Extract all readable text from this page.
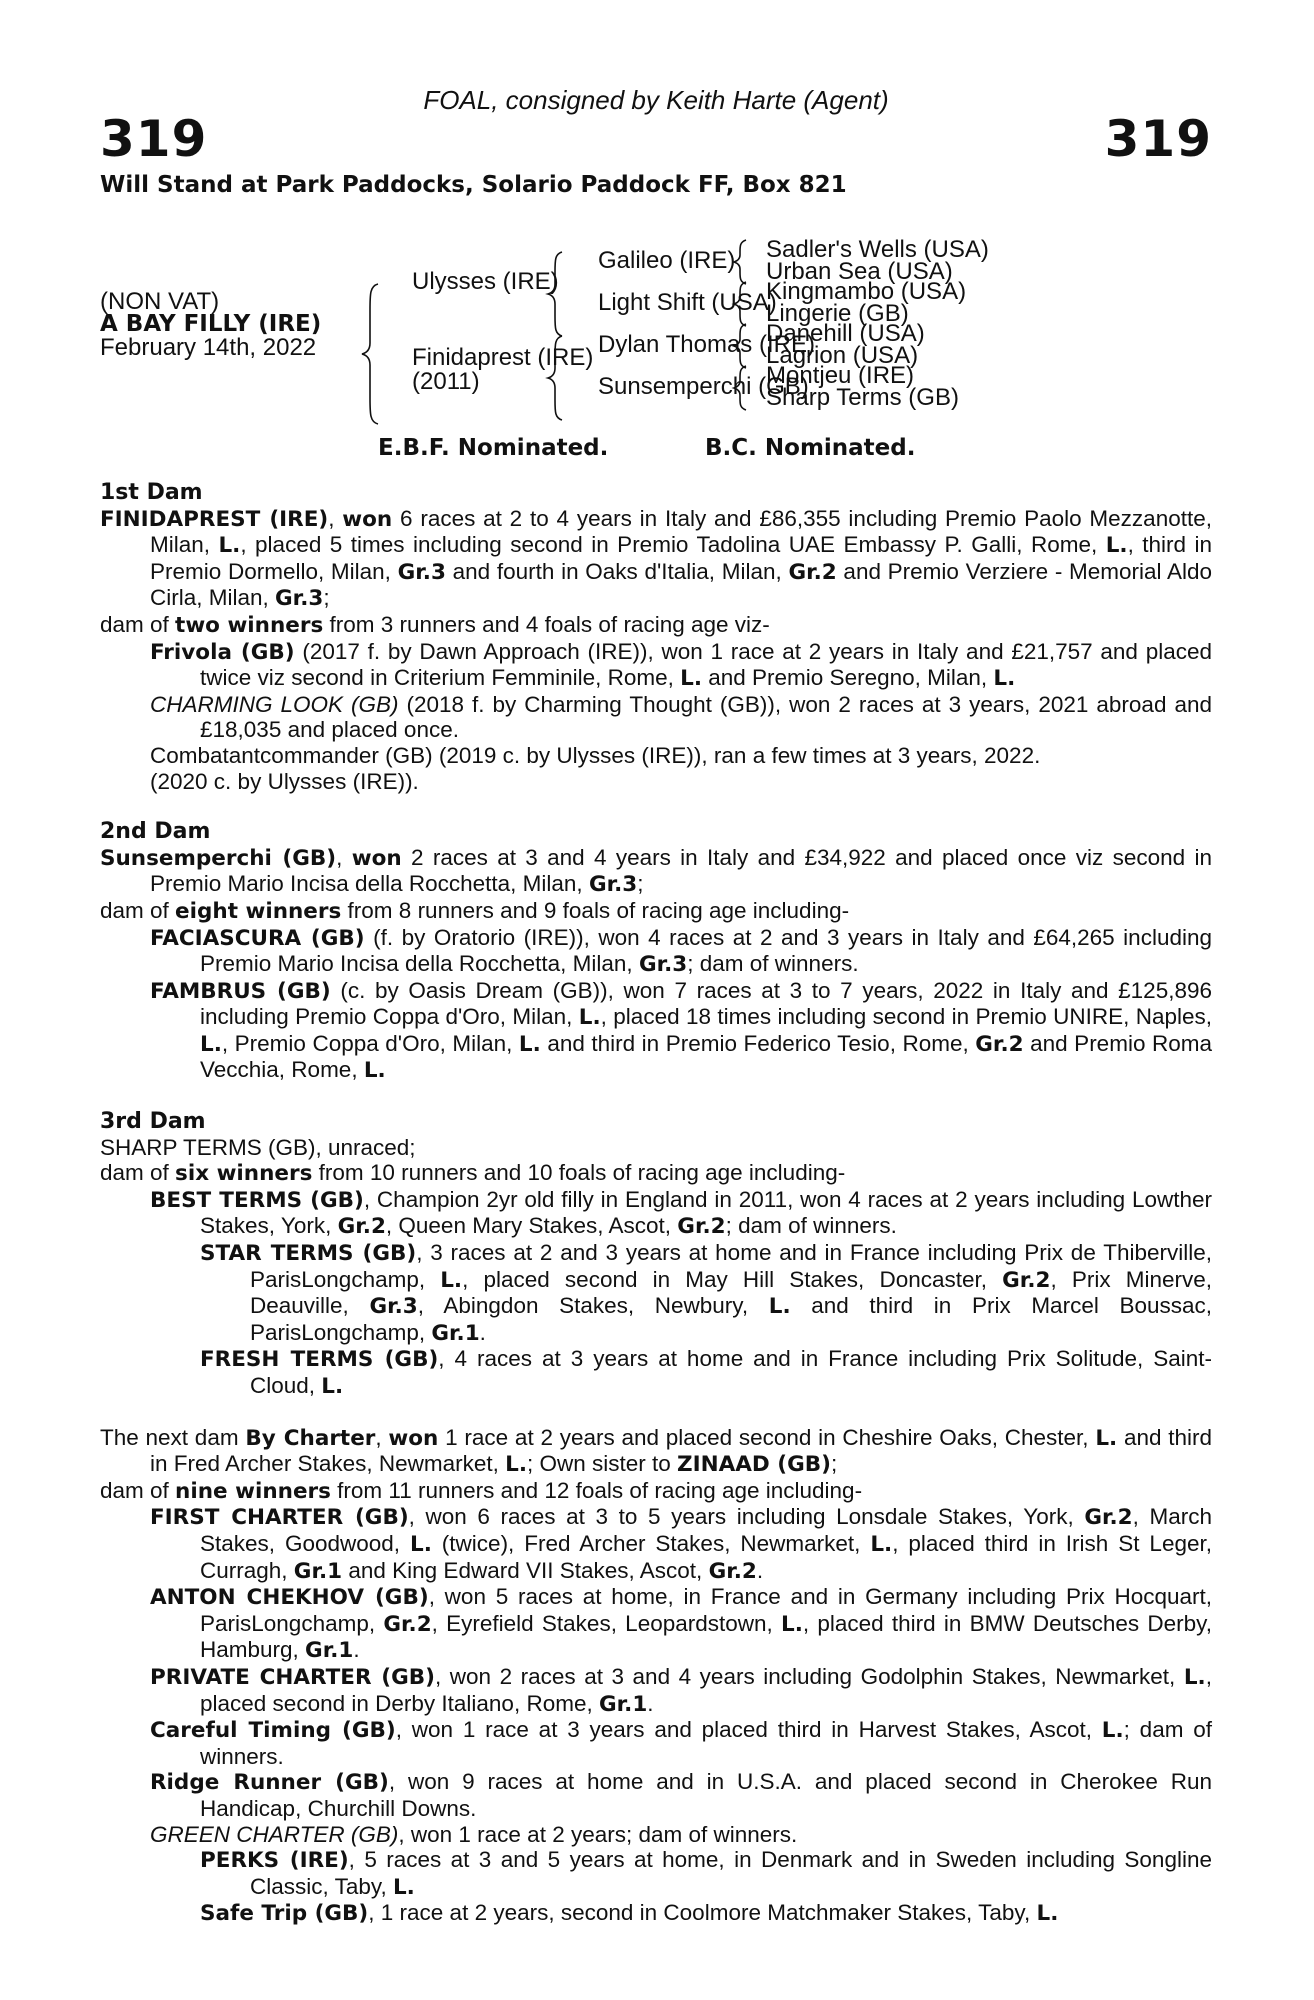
FOAL, consigned by Keith Harte (Agent)
319	319
Will Stand at Park Paddocks, Solario Paddock FF, Box 821
(NON VAT)
A BAY FILLY (IRE)
February 14th, 2022
Ulysses (IRE)
Finidaprest (IRE)
(2011)
Galileo (IRE)
Light Shift (USA)
Dylan Thomas (IRE)
Sunsemperchi (GB)
Sadler's Wells (USA)
Urban Sea (USA)
Kingmambo (USA)
Lingerie (GB)
Danehill (USA)
Lagrion (USA)
Montjeu (IRE)
Sharp Terms (GB)
E.B.F. Nominated.	B.C. Nominated.
1st Dam
FINIDAPREST (IRE), won 6 races at 2 to 4 years in Italy and £86,355 including Premio Paolo Mezzanotte, Milan, L., placed 5 times including second in Premio Tadolina UAE Embassy P. Galli, Rome, L., third in Premio Dormello, Milan, Gr.3 and fourth in Oaks d'Italia, Milan, Gr.2 and Premio Verziere - Memorial Aldo Cirla, Milan, Gr.3;
dam of two winners from 3 runners and 4 foals of racing age viz-
Frivola (GB) (2017 f. by Dawn Approach (IRE)), won 1 race at 2 years in Italy and £21,757 and placed twice viz second in Criterium Femminile, Rome, L. and Premio Seregno, Milan, L.
CHARMING LOOK (GB) (2018 f. by Charming Thought (GB)), won 2 races at 3 years, 2021 abroad and £18,035 and placed once.
Combatantcommander (GB) (2019 c. by Ulysses (IRE)), ran a few times at 3 years, 2022.
(2020 c. by Ulysses (IRE)).
2nd Dam
Sunsemperchi (GB), won 2 races at 3 and 4 years in Italy and £34,922 and placed once viz second in Premio Mario Incisa della Rocchetta, Milan, Gr.3;
dam of eight winners from 8 runners and 9 foals of racing age including-
FACIASCURA (GB) (f. by Oratorio (IRE)), won 4 races at 2 and 3 years in Italy and £64,265 including Premio Mario Incisa della Rocchetta, Milan, Gr.3; dam of winners.
FAMBRUS (GB) (c. by Oasis Dream (GB)), won 7 races at 3 to 7 years, 2022 in Italy and £125,896 including Premio Coppa d'Oro, Milan, L., placed 18 times including second in Premio UNIRE, Naples, L., Premio Coppa d'Oro, Milan, L. and third in Premio Federico Tesio, Rome, Gr.2 and Premio Roma Vecchia, Rome, L.
3rd Dam
SHARP TERMS (GB), unraced;
dam of six winners from 10 runners and 10 foals of racing age including-
BEST TERMS (GB), Champion 2yr old filly in England in 2011, won 4 races at 2 years including Lowther Stakes, York, Gr.2, Queen Mary Stakes, Ascot, Gr.2; dam of winners.
STAR TERMS (GB), 3 races at 2 and 3 years at home and in France including Prix de Thiberville, ParisLongchamp, L., placed second in May Hill Stakes, Doncaster, Gr.2, Prix Minerve, Deauville, Gr.3, Abingdon Stakes, Newbury, L. and third in Prix Marcel Boussac, ParisLongchamp, Gr.1.
FRESH TERMS (GB), 4 races at 3 years at home and in France including Prix Solitude, Saint-Cloud, L.
The next dam By Charter, won 1 race at 2 years and placed second in Cheshire Oaks, Chester, L. and third in Fred Archer Stakes, Newmarket, L.; Own sister to ZINAAD (GB);
dam of nine winners from 11 runners and 12 foals of racing age including-
FIRST CHARTER (GB), won 6 races at 3 to 5 years including Lonsdale Stakes, York, Gr.2, March Stakes, Goodwood, L. (twice), Fred Archer Stakes, Newmarket, L., placed third in Irish St Leger, Curragh, Gr.1 and King Edward VII Stakes, Ascot, Gr.2.
ANTON CHEKHOV (GB), won 5 races at home, in France and in Germany including Prix Hocquart, ParisLongchamp, Gr.2, Eyrefield Stakes, Leopardstown, L., placed third in BMW Deutsches Derby, Hamburg, Gr.1.
PRIVATE CHARTER (GB), won 2 races at 3 and 4 years including Godolphin Stakes, Newmarket, L., placed second in Derby Italiano, Rome, Gr.1.
Careful Timing (GB), won 1 race at 3 years and placed third in Harvest Stakes, Ascot, L.; dam of winners.
Ridge Runner (GB), won 9 races at home and in U.S.A. and placed second in Cherokee Run Handicap, Churchill Downs.
GREEN CHARTER (GB), won 1 race at 2 years; dam of winners.
PERKS (IRE), 5 races at 3 and 5 years at home, in Denmark and in Sweden including Songline Classic, Taby, L.
Safe Trip (GB), 1 race at 2 years, second in Coolmore Matchmaker Stakes, Taby, L.
